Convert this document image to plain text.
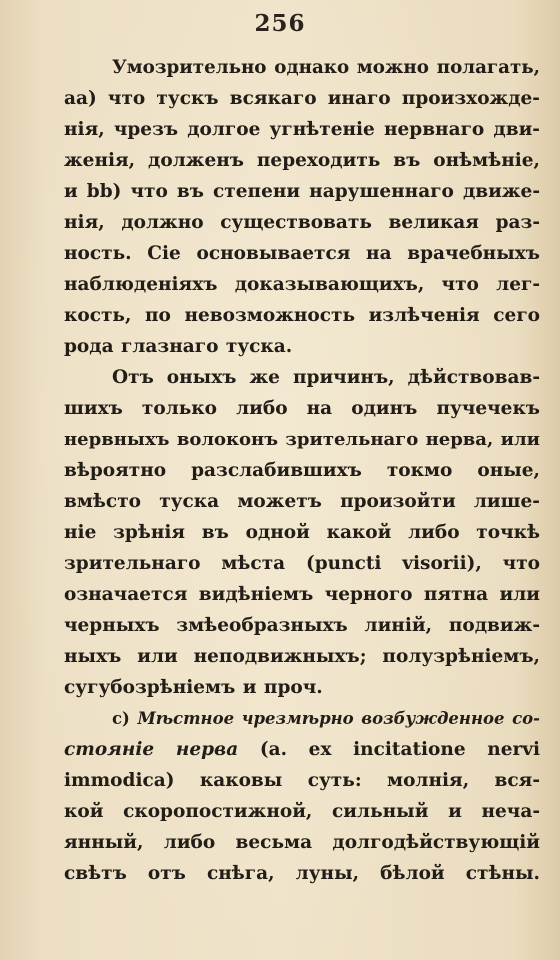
256
Умозрительно однако можно полагать,
aa) что тускъ всякаго инаго произхожде-
нія, чрезъ долгое угнѣтеніе нервнаго дви-
женія, долженъ переходить въ онѣмѣніе,
и bb) что въ степени нарушеннаго движе-
нія, должно существовать великая раз-
ность. Сіе основывается на врачебныхъ
наблюденіяхъ доказывающихъ, что лег-
кость, по невозможность излѣченія сего
рода глазнаго туска.
Отъ оныхъ же причинъ, дѣйствовав-
шихъ только либо на одинъ пучечекъ
нервныхъ волоконъ зрительнаго нерва, или
вѣроятно разслабившихъ токмо оные,
вмѣсто туска можетъ произойти лише-
ніе зрѣнія въ одной какой либо точкѣ
зрительнаго мѣста (puncti visorii), что
означается видѣніемъ черного пятна или
черныхъ змѣеобразныхъ линій, подвиж-
ныхъ или неподвижныхъ; полузрѣніемъ,
сугубозрѣніемъ и проч.
c) Мѣстное чрезмѣрно возбужденное со-
стояніе нерва (a. ex incitatione nervi
immodica) каковы суть: молнія, вся-
кой скоропостижной, сильный и неча-
янный, либо весьма долгодѣйствующій
свѣтъ отъ снѣга, луны, бѣлой стѣны.
